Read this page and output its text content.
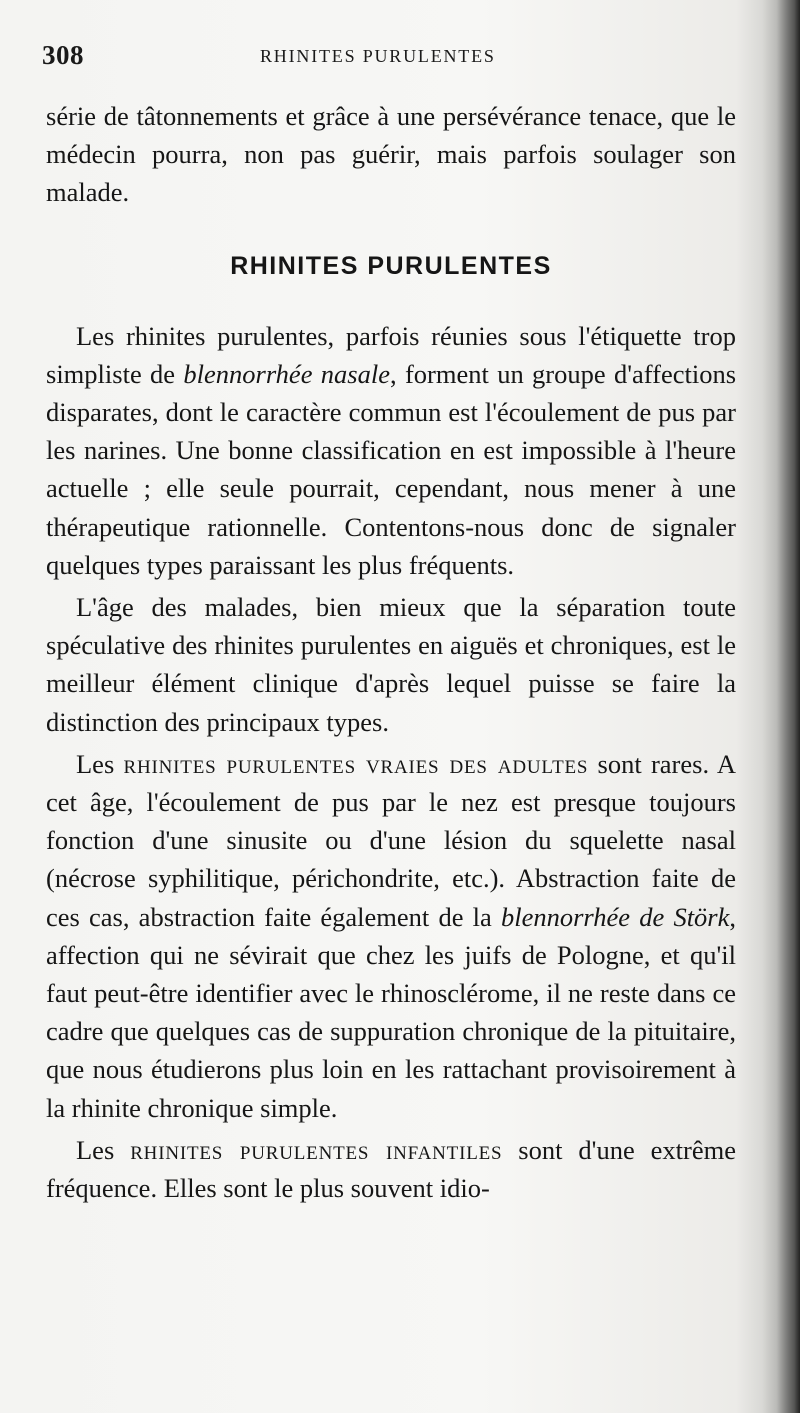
308	RHINITES PURULENTES

série de tâtonnements et grâce à une persévérance tenace, que le médecin pourra, non pas guérir, mais parfois soulager son malade.

RHINITES PURULENTES

Les rhinites purulentes, parfois réunies sous l'étiquette trop simpliste de blennorrhée nasale, forment un groupe d'affections disparates, dont le caractère commun est l'écoulement de pus par les narines. Une bonne classification en est impossible à l'heure actuelle ; elle seule pourrait, cependant, nous mener à une thérapeutique rationnelle. Contentons-nous donc de signaler quelques types paraissant les plus fréquents.

L'âge des malades, bien mieux que la séparation toute spéculative des rhinites purulentes en aiguës et chroniques, est le meilleur élément clinique d'après lequel puisse se faire la distinction des principaux types.

Les rhinites purulentes vraies des adultes sont rares. A cet âge, l'écoulement de pus par le nez est presque toujours fonction d'une sinusite ou d'une lésion du squelette nasal (nécrose syphilitique, périchondrite, etc.). Abstraction faite de ces cas, abstraction faite également de la blennorrhée de Störk, affection qui ne sévirait que chez les juifs de Pologne, et qu'il faut peut-être identifier avec le rhinosclérome, il ne reste dans ce cadre que quelques cas de suppuration chronique de la pituitaire, que nous étudierons plus loin en les rattachant provisoirement à la rhinite chronique simple.

Les rhinites purulentes infantiles sont d'une extrême fréquence. Elles sont le plus souvent idio-
